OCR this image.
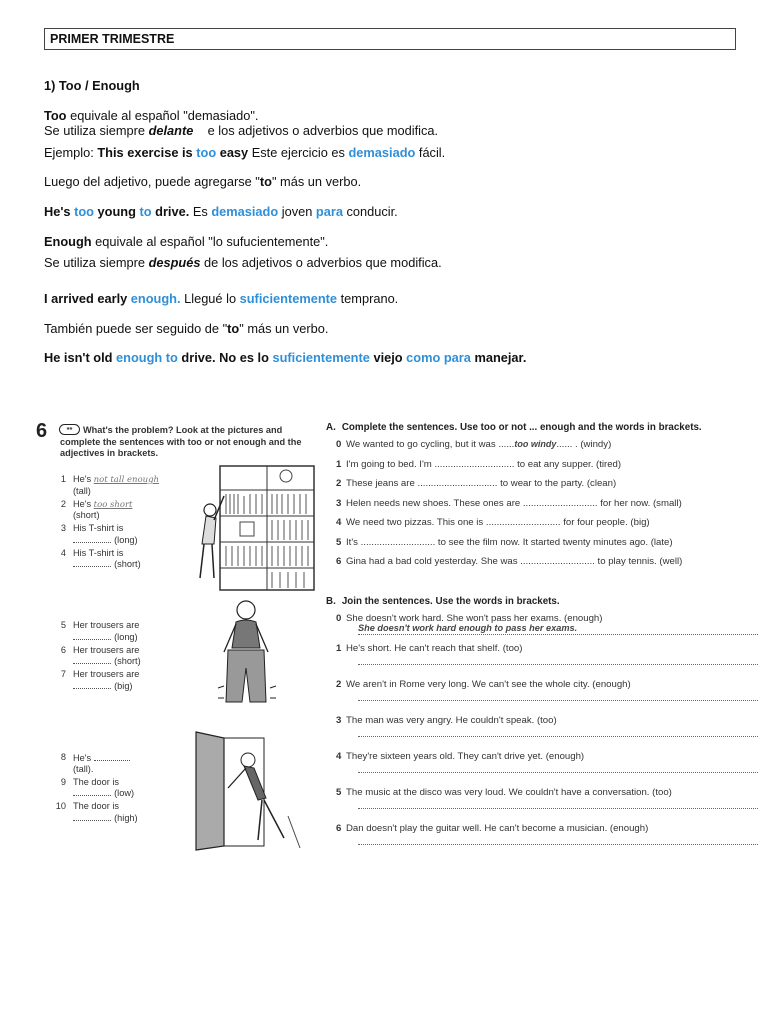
PRIMER TRIMESTRE

1) Too / Enough

Too equivale al español "demasiado".

Se utiliza siempre delante    e los adjetivos o adverbios que modifica.

Ejemplo: This exercise is too easy Este ejercicio es demasiado fácil.

Luego del adjetivo, puede agregarse "to" más un verbo.

He's too young to drive. Es demasiado joven para conducir.

Enough equivale al español "lo sufucientemente".

Se utiliza siempre después de los adjetivos o adverbios que modifica.

I arrived early enough. Llegué lo suficientemente temprano.

También puede ser seguido de "to" más un verbo.

He isn't old enough to drive. No es lo suficientemente viejo como para manejar.

6	**	What's the problem? Look at the pictures and complete the sentences with too or not enough and the adjectives in brackets.
1 He's not tall enough
(tall)
2 He's too short
(short)
3 His T-shirt is
. (long)
4 His T-shirt is
. (short)
5 Her trousers are
. (long)
6 Her trousers are
. (short)
7 Her trousers are
. (big)
8 He's
(tall).
9 The door is
. (low)
10 The door is
. (high)
A. Complete the sentences. Use too or not ... enough and the words in brackets.
0 We wanted to go cycling, but it was ......too windy...... . (windy)
1 I'm going to bed. I'm .............................. to eat any supper. (tired)
2 These jeans are .............................. to wear to the party. (clean)
3 Helen needs new shoes. These ones are ............................ for her now. (small)
4 We need two pizzas. This one is ............................ for four people. (big)
5 It's ............................ to see the film now. It started twenty minutes ago. (late)
6 Gina had a bad cold yesterday. She was ............................ to play tennis. (well)
B. Join the sentences. Use the words in brackets.
0 She doesn't work hard. She won't pass her exams. (enough)
She doesn't work hard enough to pass her exams.
1 He's short. He can't reach that shelf. (too)
2 We aren't in Rome very long. We can't see the whole city. (enough)
3 The man was very angry. He couldn't speak. (too)
4 They're sixteen years old. They can't drive yet. (enough)
5 The music at the disco was very loud. We couldn't have a conversation. (too)
6 Dan doesn't play the guitar well. He can't become a musician. (enough)
